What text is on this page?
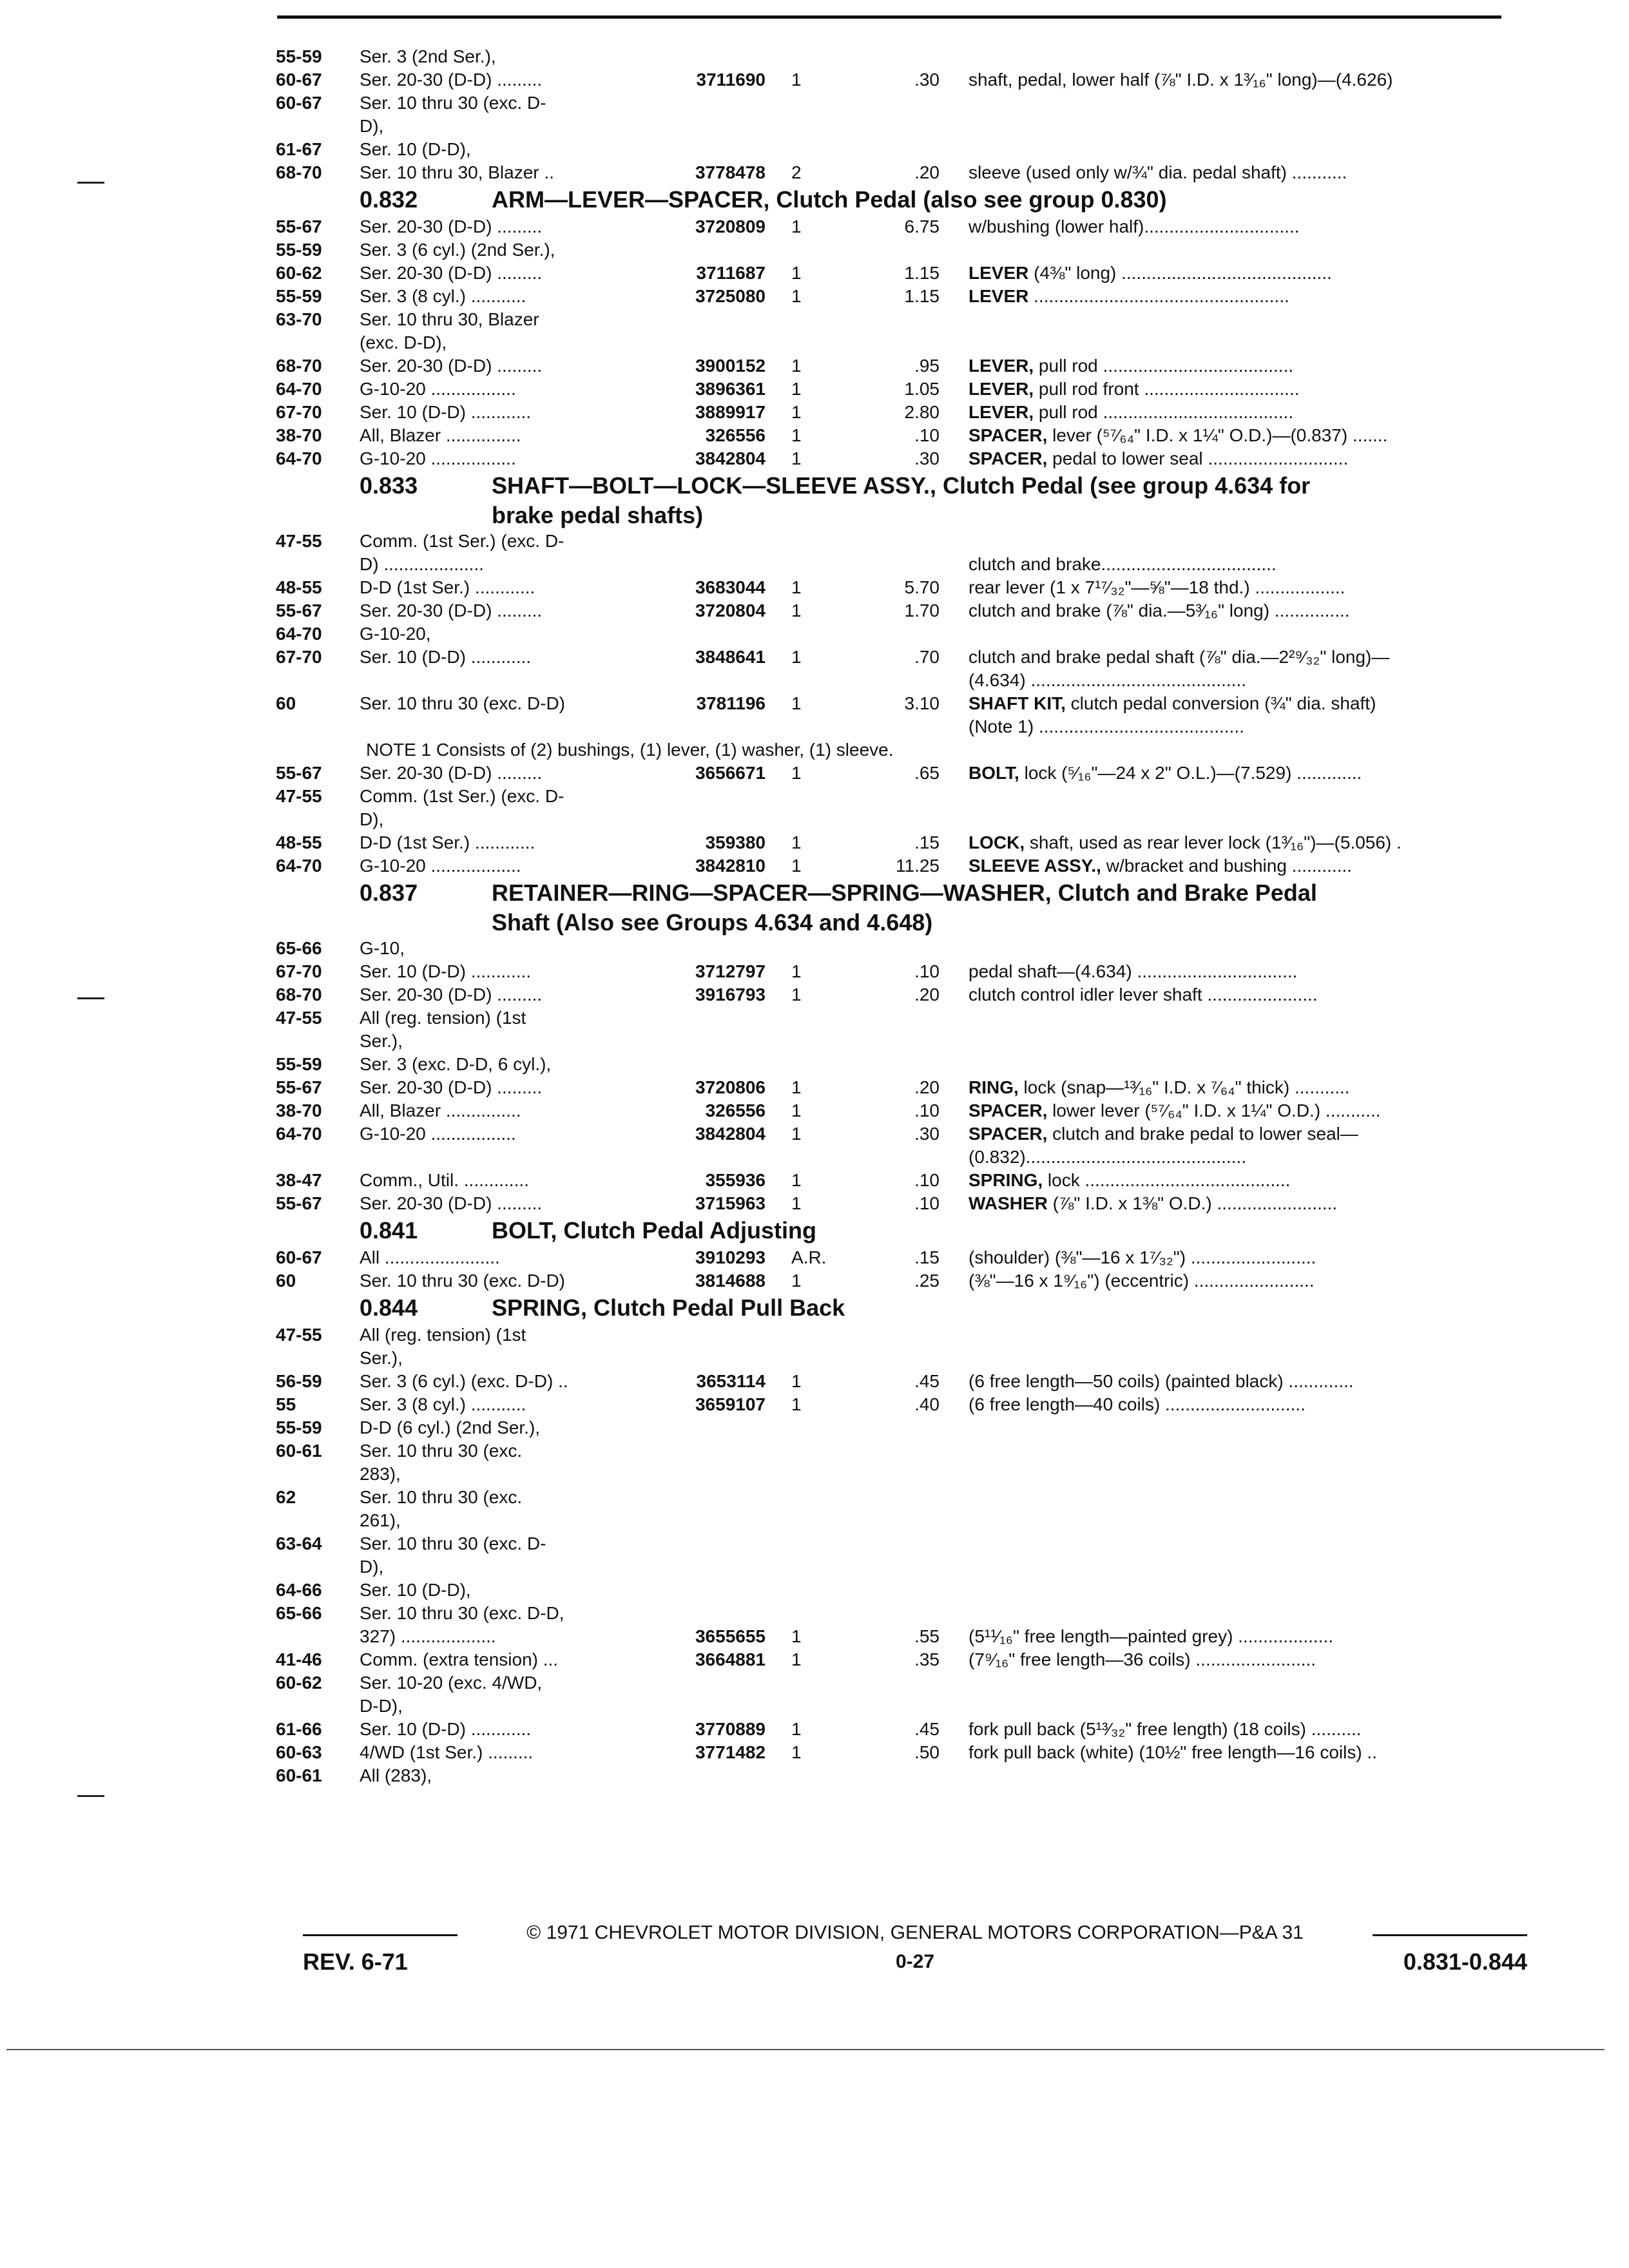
55-59	Ser. 3 (2nd Ser.),
60-67	Ser. 20-30 (D-D) .........	3711690 1	.30 shaft, pedal, lower half (⅞" I.D. x 1³⁄₁₆" long)—(4.626)
60-67	Ser. 10 thru 30 (exc. D-
D),
61-67	Ser. 10 (D-D),
68-70	Ser. 10 thru 30, Blazer ..	3778478 2	.20 sleeve (used only w/¾" dia. pedal shaft) ...........
0.832	ARM—LEVER—SPACER, Clutch Pedal (also see group 0.830)
55-67	Ser. 20-30 (D-D) .........	3720809 1	6.75 w/bushing (lower half)...............................
55-59	Ser. 3 (6 cyl.) (2nd Ser.),
60-62	Ser. 20-30 (D-D) .........	3711687 1	1.15 LEVER (4⅜" long) ..........................................
55-59	Ser. 3 (8 cyl.) ...........	3725080 1	1.15 LEVER ...................................................
63-70	Ser. 10 thru 30, Blazer
(exc. D-D),
68-70	Ser. 20-30 (D-D) .........	3900152 1	.95 LEVER, pull rod ......................................
64-70	G-10-20 .................	3896361 1	1.05 LEVER, pull rod front ...............................
67-70	Ser. 10 (D-D) ............	3889917 1	2.80 LEVER, pull rod ......................................
38-70	All, Blazer ...............	326556 1	.10 SPACER, lever (⁵⁷⁄₆₄" I.D. x 1¼" O.D.)—(0.837) .......
64-70	G-10-20 .................	3842804 1	.30 SPACER, pedal to lower seal ............................
0.833	SHAFT—BOLT—LOCK—SLEEVE ASSY., Clutch Pedal (see group 4.634 for
brake pedal shafts)
47-55	Comm. (1st Ser.) (exc. D-
D) ....................	clutch and brake...................................
48-55	D-D (1st Ser.) ............	3683044 1	5.70 rear lever (1 x 7¹⁷⁄₃₂"—⅝"—18 thd.) ..................
55-67	Ser. 20-30 (D-D) .........	3720804 1	1.70 clutch and brake (⅞" dia.—5³⁄₁₆" long) ...............
64-70	G-10-20,
67-70	Ser. 10 (D-D) ............	3848641 1	.70 clutch and brake pedal shaft (⅞" dia.—2²⁹⁄₃₂" long)—
(4.634) ...........................................
60	Ser. 10 thru 30 (exc. D-D)	3781196 1	3.10 SHAFT KIT, clutch pedal conversion (¾" dia. shaft)
(Note 1) .........................................
NOTE 1 Consists of (2) bushings, (1) lever, (1) washer, (1) sleeve.
55-67	Ser. 20-30 (D-D) .........	3656671 1	.65 BOLT, lock (⁵⁄₁₆"—24 x 2" O.L.)—(7.529) .............
47-55	Comm. (1st Ser.) (exc. D-
D),
48-55	D-D (1st Ser.) ............	359380 1	.15 LOCK, shaft, used as rear lever lock (1³⁄₁₆")—(5.056) .
64-70	G-10-20 ..................	3842810 1	11.25 SLEEVE ASSY., w/bracket and bushing ............
0.837	RETAINER—RING—SPACER—SPRING—WASHER, Clutch and Brake Pedal
Shaft (Also see Groups 4.634 and 4.648)
65-66	G-10,
67-70	Ser. 10 (D-D) ............	3712797 1	.10 pedal shaft—(4.634) ................................
68-70	Ser. 20-30 (D-D) .........	3916793 1	.20 clutch control idler lever shaft ......................
47-55	All (reg. tension) (1st
Ser.),
55-59	Ser. 3 (exc. D-D, 6 cyl.),
55-67	Ser. 20-30 (D-D) .........	3720806 1	.20 RING, lock (snap—¹³⁄₁₆" I.D. x ⁷⁄₆₄" thick) ...........
38-70	All, Blazer ...............	326556 1	.10 SPACER, lower lever (⁵⁷⁄₆₄" I.D. x 1¼" O.D.) ...........
64-70	G-10-20 .................	3842804 1	.30 SPACER, clutch and brake pedal to lower seal—
(0.832)............................................
38-47	Comm., Util. .............	355936 1	.10 SPRING, lock .........................................
55-67	Ser. 20-30 (D-D) .........	3715963 1	.10 WASHER (⅞" I.D. x 1⅜" O.D.) ........................
0.841	BOLT, Clutch Pedal Adjusting
60-67	All .......................	3910293 A.R.	.15 (shoulder) (⅜"—16 x 1⁷⁄₃₂") .........................
60	Ser. 10 thru 30 (exc. D-D)	3814688 1	.25 (⅜"—16 x 1⁹⁄₁₆") (eccentric) ........................
0.844	SPRING, Clutch Pedal Pull Back
47-55	All (reg. tension) (1st
Ser.),
56-59	Ser. 3 (6 cyl.) (exc. D-D) ..	3653114 1	.45 (6 free length—50 coils) (painted black) .............
55	Ser. 3 (8 cyl.) ...........	3659107 1	.40 (6 free length—40 coils) ............................
55-59	D-D (6 cyl.) (2nd Ser.),
60-61	Ser. 10 thru 30 (exc.
283),
62	Ser. 10 thru 30 (exc.
261),
63-64	Ser. 10 thru 30 (exc. D-
D),
64-66	Ser. 10 (D-D),
65-66	Ser. 10 thru 30 (exc. D-D,
327) ...................	3655655 1	.55 (5¹¹⁄₁₆" free length—painted grey) ...................
41-46	Comm. (extra tension) ...	3664881 1	.35 (7⁹⁄₁₆" free length—36 coils) ........................
60-62	Ser. 10-20 (exc. 4/WD,
D-D),
61-66	Ser. 10 (D-D) ............	3770889 1	.45 fork pull back (5¹³⁄₃₂" free length) (18 coils) ..........
60-63	4/WD (1st Ser.) .........	3771482 1	.50 fork pull back (white) (10½" free length—16 coils) ..
60-61	All (283),
© 1971 CHEVROLET MOTOR DIVISION, GENERAL MOTORS CORPORATION—P&A 31
REV. 6-71	0-27	0.831-0.844
